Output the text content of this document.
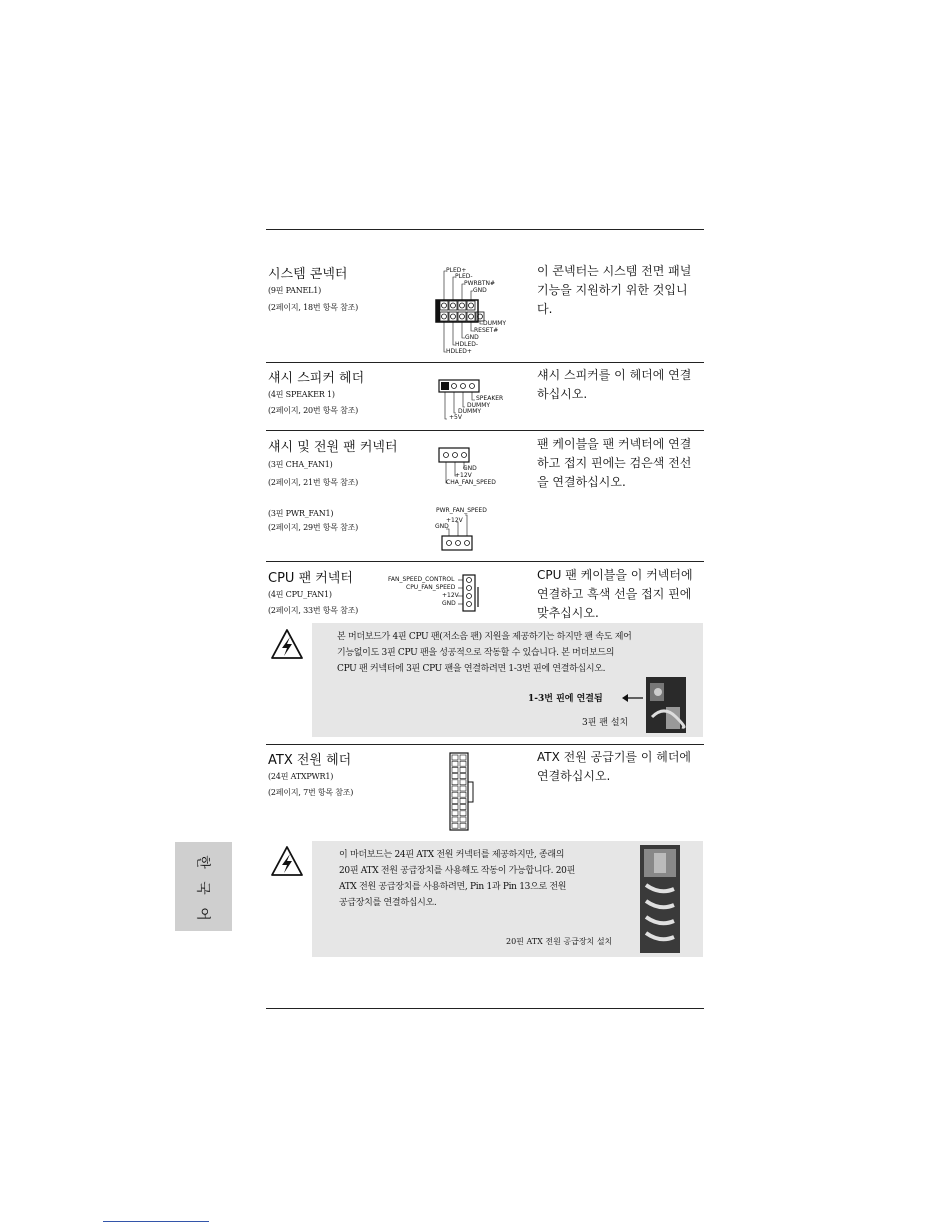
시스템 콘넥터
(9핀 PANEL1)
(2페이지, 18번 항목 참조)
이 콘넥터는 시스템 전면 패널 기능을 지원하기 위한 것입니다.
PLED+
PLED-
PWRBTN#
GND
DUMMY
RESET#
GND
HDLED-
HDLED+
섀시 스피커 헤더
(4핀 SPEAKER 1)
(2페이지, 20번 항목 참조)
섀시 스피커를 이 헤더에 연결하십시오.
SPEAKER
DUMMY
DUMMY
+5V
섀시 및 전원 팬 커넥터
(3핀 CHA_FAN1)
(2페이지, 21번 항목 참조)
(3핀 PWR_FAN1)
(2페이지, 29번 항목 참조)
팬 케이블을 팬 커넥터에 연결하고 접지 핀에는 검은색 전선을 연결하십시오.
GND
+12V
CHA_FAN_SPEED
PWR_FAN_SPEED
+12V
GND
CPU 팬 커넥터
(4핀 CPU_FAN1)
(2페이지, 33번 항목 참조)
CPU 팬 케이블을 이 커넥터에 연결하고 흑색 선을 접지 핀에 맞추십시오.
FAN_SPEED_CONTROL
CPU_FAN_SPEED
+12V
GND
본 머더보드가 4핀 CPU 팬(저소음 팬) 지원을 제공하기는 하지만 팬 속도 제어
기능없이도 3핀 CPU 팬을 성공적으로 작동할 수 있습니다. 본 머더보드의
CPU 팬 커넥터에 3핀 CPU 팬을 연결하려면 1-3번 핀에 연결하십시오.
1-3번 핀에 연결됨
3핀 팬 설치
ATX 전원 헤더
(24핀 ATXPWR1)
(2페이지, 7번 항목 참조)
ATX 전원 공급기를 이 헤더에 연결하십시오.
이 마더보드는 24핀 ATX 전원 커넥터를 제공하지만, 종래의
20핀 ATX 전원 공급장치를 사용해도 작동이 가능합니다. 20핀
ATX 전원 공급장치를 사용하려면, Pin 1과 Pin 13으로 전원
공급장치를 연결하십시오.
20핀 ATX 전원 공급장치 설치
한
국
어
